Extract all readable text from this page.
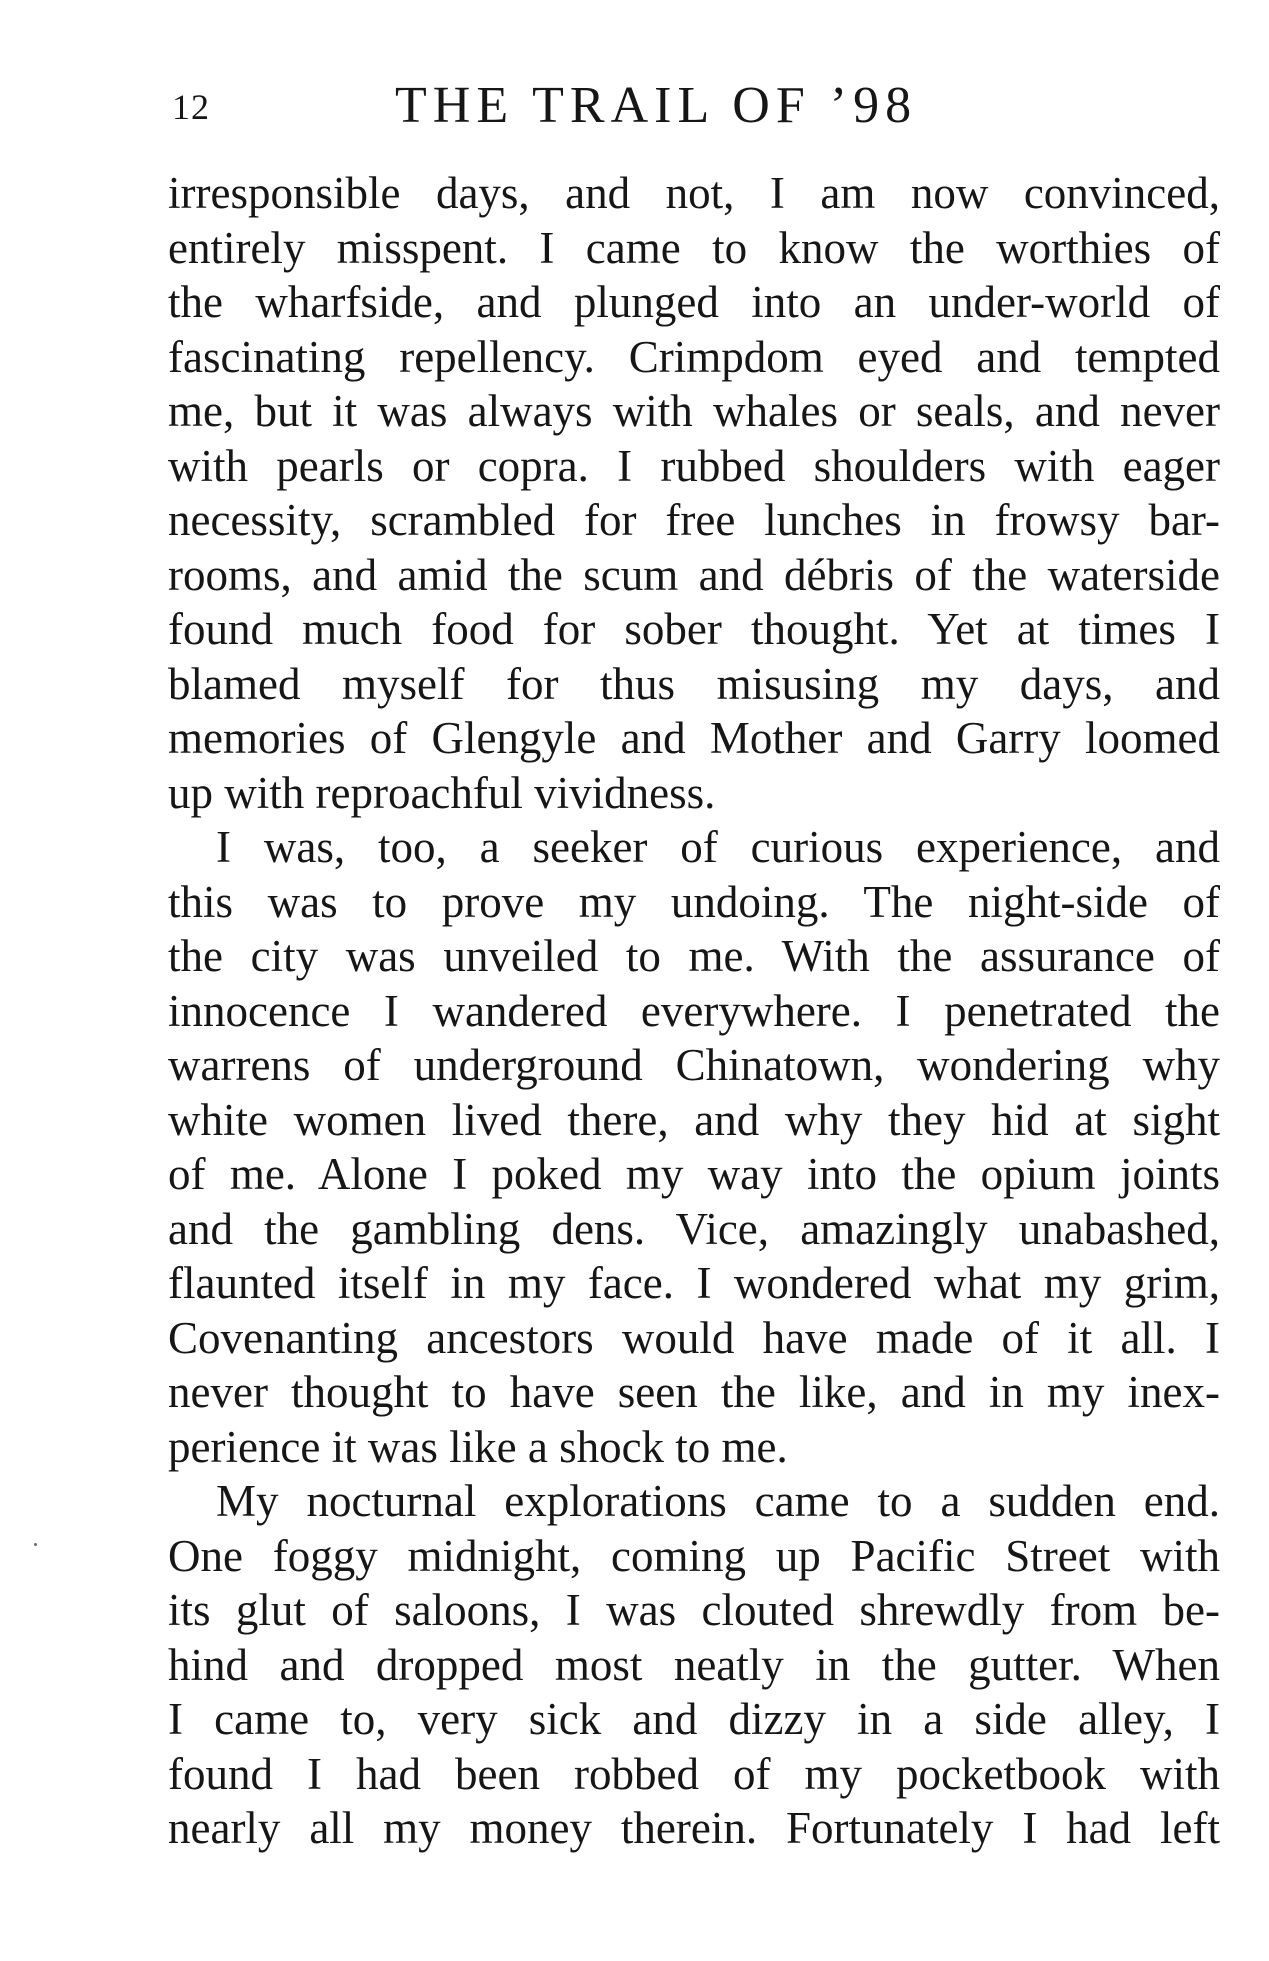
12	THE TRAIL OF ’98
irresponsible days, and not, I am now convinced,
entirely misspent. I came to know the worthies of
the wharfside, and plunged into an under-world of
fascinating repellency. Crimpdom eyed and tempted
me, but it was always with whales or seals, and never
with pearls or copra. I rubbed shoulders with eager
necessity, scrambled for free lunches in frowsy bar-
rooms, and amid the scum and débris of the waterside
found much food for sober thought. Yet at times I
blamed myself for thus misusing my days, and
memories of Glengyle and Mother and Garry loomed
up with reproachful vividness.
I was, too, a seeker of curious experience, and
this was to prove my undoing. The night-side of
the city was unveiled to me. With the assurance of
innocence I wandered everywhere. I penetrated the
warrens of underground Chinatown, wondering why
white women lived there, and why they hid at sight
of me. Alone I poked my way into the opium joints
and the gambling dens. Vice, amazingly unabashed,
flaunted itself in my face. I wondered what my grim,
Covenanting ancestors would have made of it all. I
never thought to have seen the like, and in my inex-
perience it was like a shock to me.
My nocturnal explorations came to a sudden end.
One foggy midnight, coming up Pacific Street with
its glut of saloons, I was clouted shrewdly from be-
hind and dropped most neatly in the gutter. When
I came to, very sick and dizzy in a side alley, I
found I had been robbed of my pocketbook with
nearly all my money therein. Fortunately I had left
